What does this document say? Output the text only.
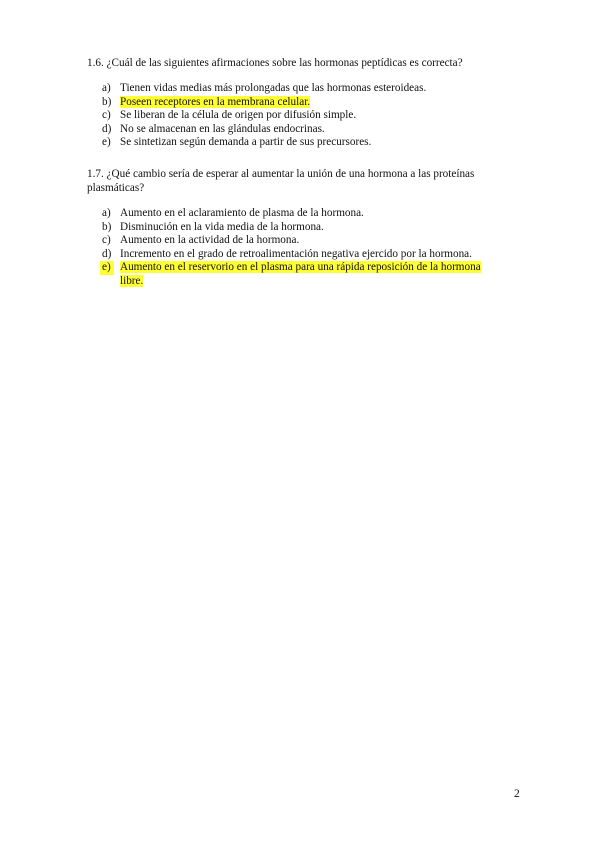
1.6. ¿Cuál de las siguientes afirmaciones sobre las hormonas peptídicas es correcta?

a) Tienen vidas medias más prolongadas que las hormonas esteroideas.
b) Poseen receptores en la membrana celular.
c) Se liberan de la célula de origen por difusión simple.
d) No se almacenan en las glándulas endocrinas.
e) Se sintetizan según demanda a partir de sus precursores.

1.7. ¿Qué cambio sería de esperar al aumentar la unión de una hormona a las proteínas
plasmáticas?

a) Aumento en el aclaramiento de plasma de la hormona.
b) Disminución en la vida media de la hormona.
c) Aumento en la actividad de la hormona.
d) Incremento en el grado de retroalimentación negativa ejercido por la hormona.
e) Aumento en el reservorio en el plasma para una rápida reposición de la hormona
libre.
2
